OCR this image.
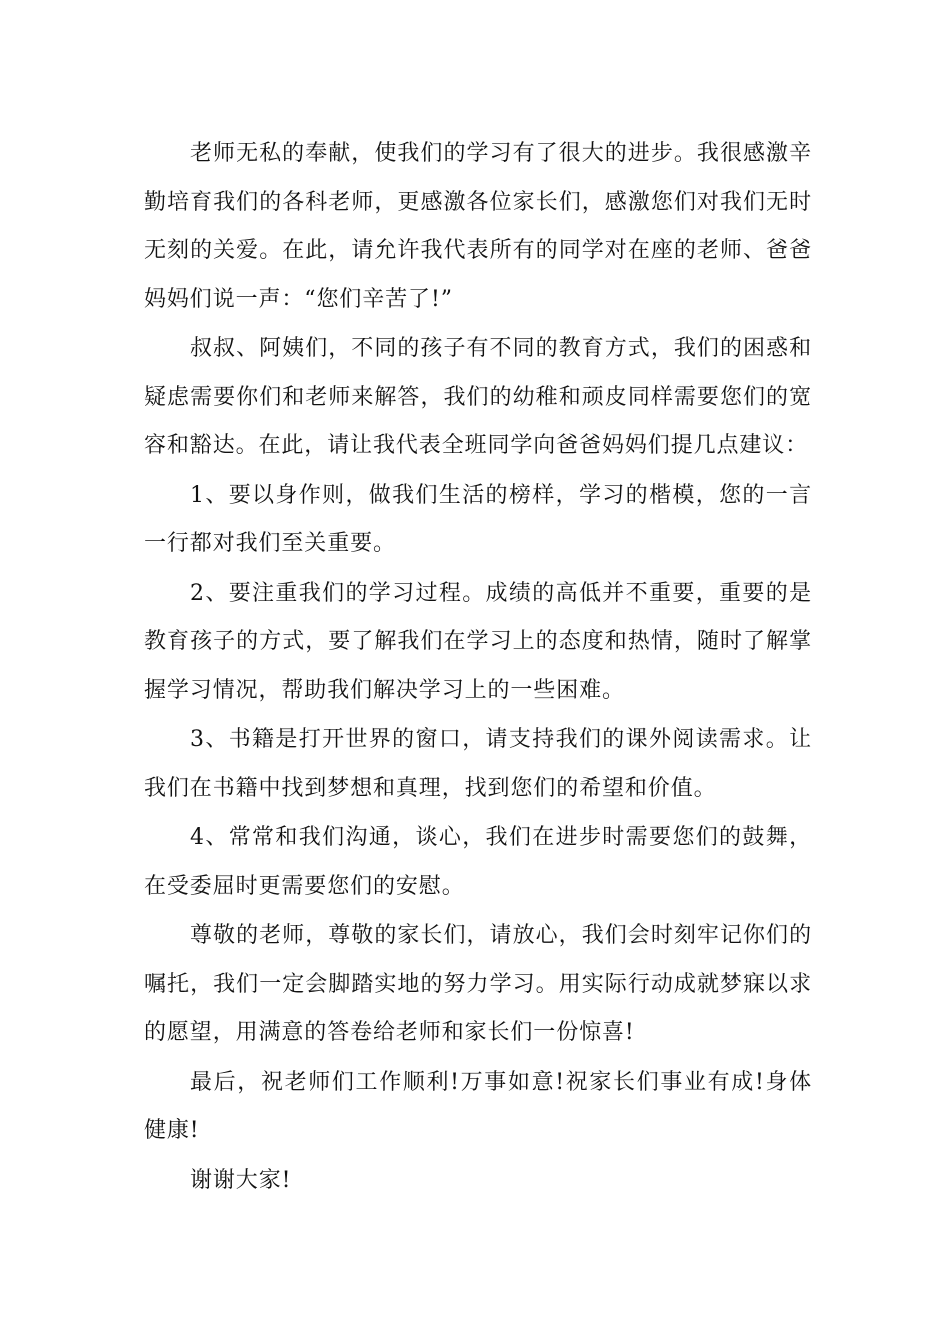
老师无私的奉献，使我们的学习有了很大的进步。我很感激辛勤培育我们的各科老师，更感激各位家长们，感激您们对我们无时无刻的关爱。在此，请允许我代表所有的同学对在座的老师、爸爸妈妈们说一声：“您们辛苦了!”

叔叔、阿姨们，不同的孩子有不同的教育方式，我们的困惑和疑虑需要你们和老师来解答，我们的幼稚和顽皮同样需要您们的宽容和豁达。在此，请让我代表全班同学向爸爸妈妈们提几点建议：

1、要以身作则，做我们生活的榜样，学习的楷模，您的一言一行都对我们至关重要。

2、要注重我们的学习过程。成绩的高低并不重要，重要的是教育孩子的方式，要了解我们在学习上的态度和热情，随时了解掌握学习情况，帮助我们解决学习上的一些困难。

3、书籍是打开世界的窗口，请支持我们的课外阅读需求。让我们在书籍中找到梦想和真理，找到您们的希望和价值。

4、常常和我们沟通，谈心，我们在进步时需要您们的鼓舞，在受委屈时更需要您们的安慰。

尊敬的老师，尊敬的家长们，请放心，我们会时刻牢记你们的嘱托，我们一定会脚踏实地的努力学习。用实际行动成就梦寐以求的愿望，用满意的答卷给老师和家长们一份惊喜!

最后，祝老师们工作顺利!万事如意!祝家长们事业有成!身体健康!

谢谢大家!
